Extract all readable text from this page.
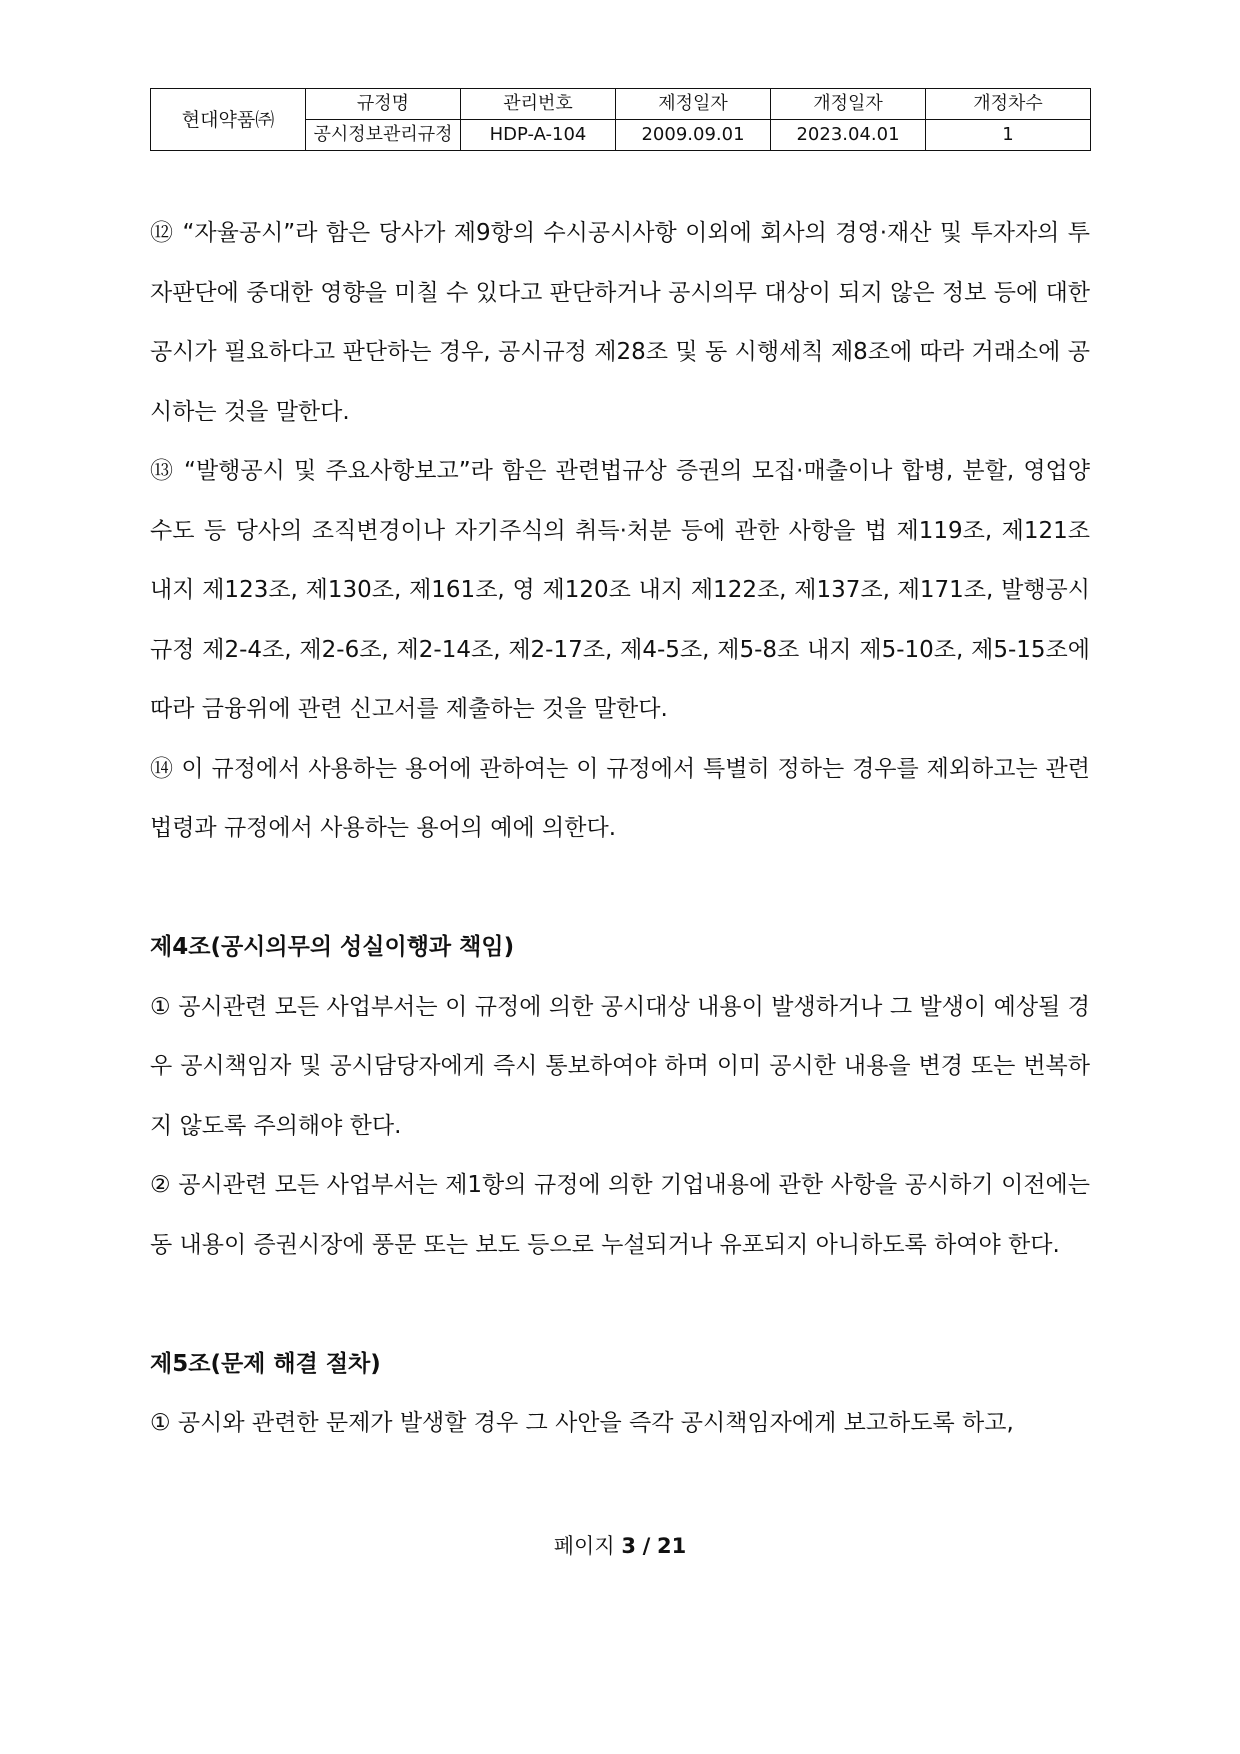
현대약품㈜	규정명	관리번호	제정일자	개정일자	개정차수
	공시정보관리규정	HDP-A-104	2009.09.01	2023.04.01	1

⑫ “자율공시”라 함은 당사가 제9항의 수시공시사항 이외에 회사의 경영·재산 및 투자자의 투자판단에 중대한 영향을 미칠 수 있다고 판단하거나 공시의무 대상이 되지 않은 정보 등에 대한 공시가 필요하다고 판단하는 경우, 공시규정 제28조 및 동 시행세칙 제8조에 따라 거래소에 공시하는 것을 말한다.

⑬ “발행공시 및 주요사항보고”라 함은 관련법규상 증권의 모집·매출이나 합병, 분할, 영업양수도 등 당사의 조직변경이나 자기주식의 취득·처분 등에 관한 사항을 법 제119조, 제121조 내지 제123조, 제130조, 제161조, 영 제120조 내지 제122조, 제137조, 제171조, 발행공시규정 제2-4조, 제2-6조, 제2-14조, 제2-17조, 제4-5조, 제5-8조 내지 제5-10조, 제5-15조에 따라 금융위에 관련 신고서를 제출하는 것을 말한다.

⑭ 이 규정에서 사용하는 용어에 관하여는 이 규정에서 특별히 정하는 경우를 제외하고는 관련법령과 규정에서 사용하는 용어의 예에 의한다.

제4조(공시의무의 성실이행과 책임)

① 공시관련 모든 사업부서는 이 규정에 의한 공시대상 내용이 발생하거나 그 발생이 예상될 경우 공시책임자 및 공시담당자에게 즉시 통보하여야 하며 이미 공시한 내용을 변경 또는 번복하지 않도록 주의해야 한다.

② 공시관련 모든 사업부서는 제1항의 규정에 의한 기업내용에 관한 사항을 공시하기 이전에는 동 내용이 증권시장에 풍문 또는 보도 등으로 누설되거나 유포되지 아니하도록 하여야 한다.

제5조(문제 해결 절차)

① 공시와 관련한 문제가 발생할 경우 그 사안을 즉각 공시책임자에게 보고하도록 하고,

페이지 3 / 21
